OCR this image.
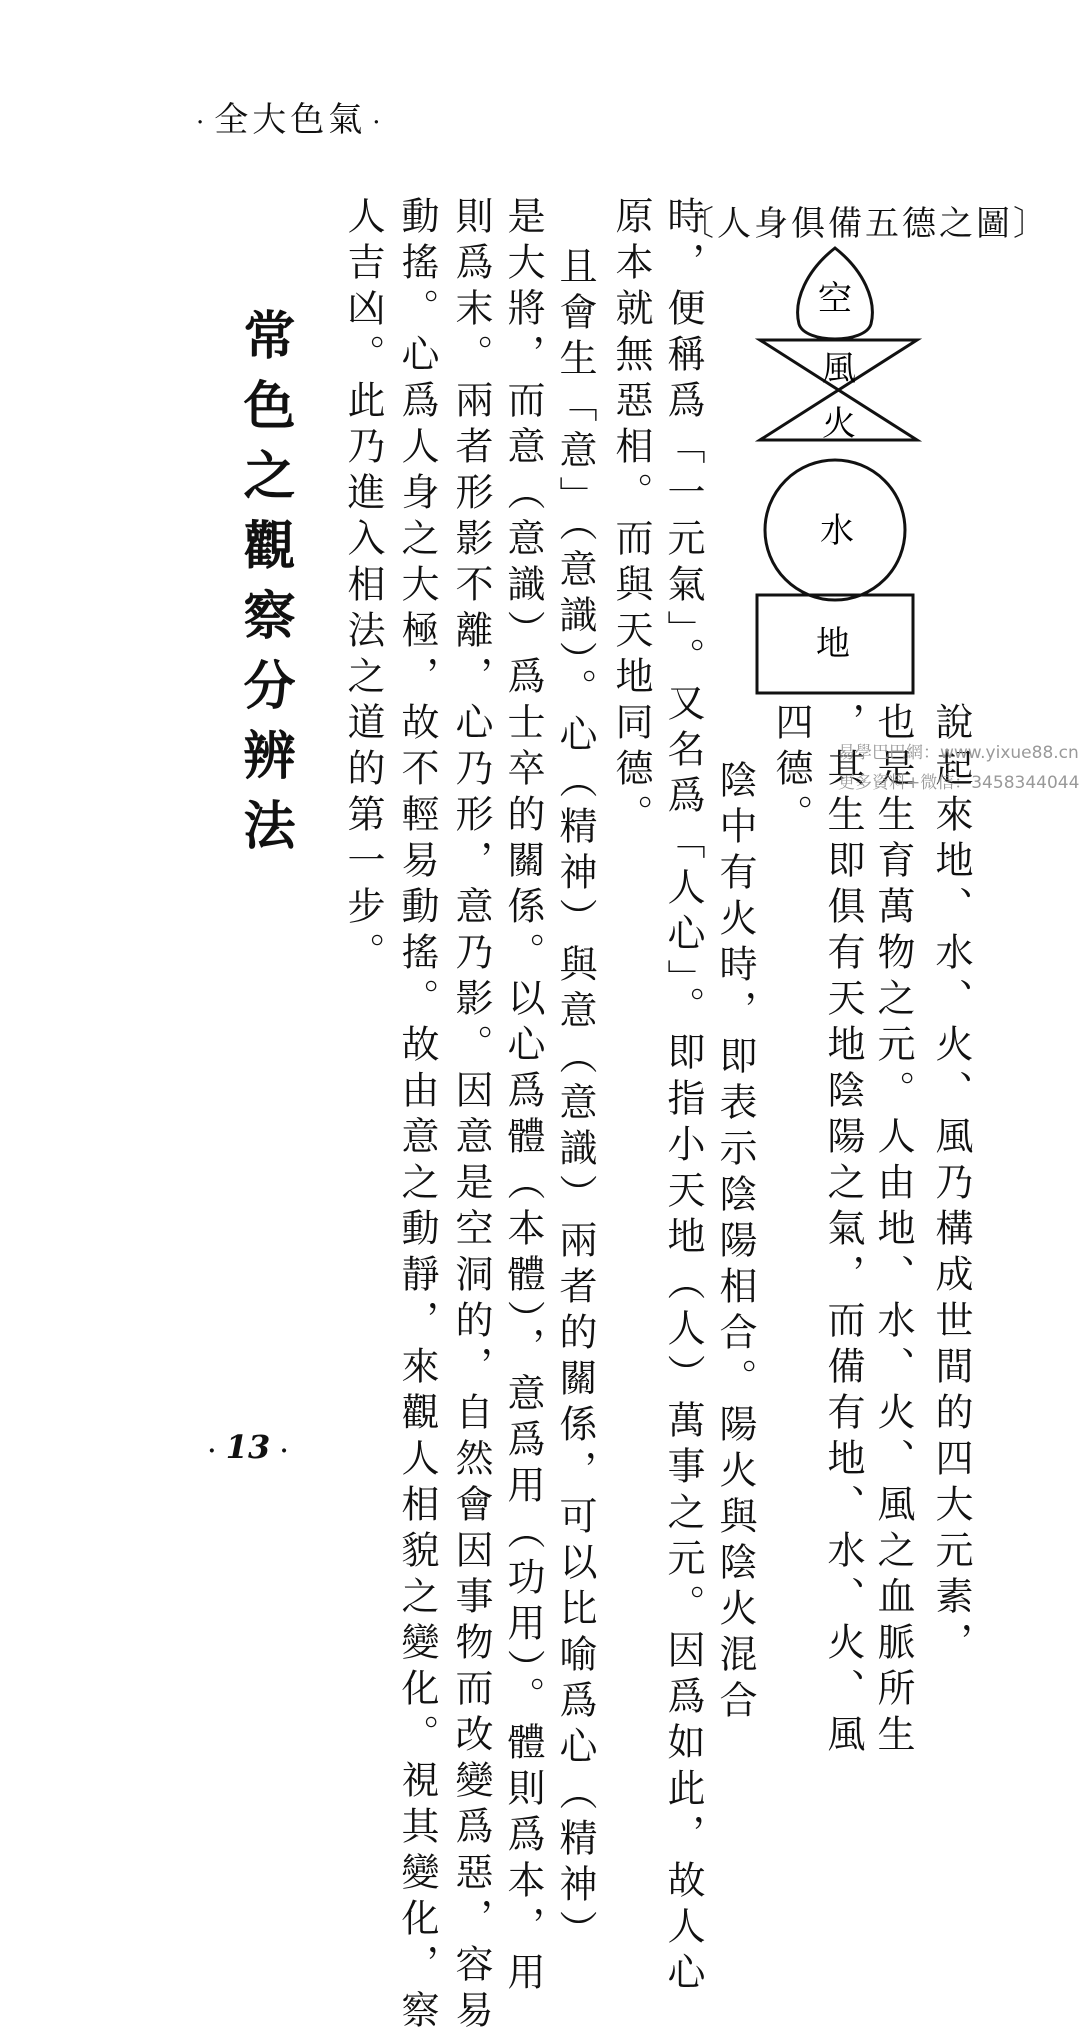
· 全大色氣 ·
〔人身俱備五德之圖〕
空
風
火
水
地
說起來地、水、火、風乃構成世間的四大元素，
也是生育萬物之元。人由地、水、火、風之血脈所生
，其生即俱有天地陰陽之氣，而備有地、水、火、風
四德。
陰中有火時，即表示陰陽相合。陽火與陰火混合
時，便稱爲「一元氣」。又名爲「人心」。即指小天地（人）萬事之元。因爲如此，故人心
原本就無惡相。而與天地同德。
且會生「意」（意識）。心（精神）與意（意識）兩者的關係，可以比喻爲心（精神）
是大將，而意（意識）爲士卒的關係。以心爲體（本體），意爲用（功用）。體則爲本，用
則爲末。兩者形影不離，心乃形，意乃影。因意是空洞的，自然會因事物而改變爲惡，容易
動搖。心爲人身之大極，故不輕易動搖。故由意之動靜，來觀人相貌之變化。視其變化，察
人吉凶。此乃進入相法之道的第一步。
常色之觀察分辨法	易學巴巴網：www.yixue88.cn
更多資料+微信：3458344044
· 13 ·
